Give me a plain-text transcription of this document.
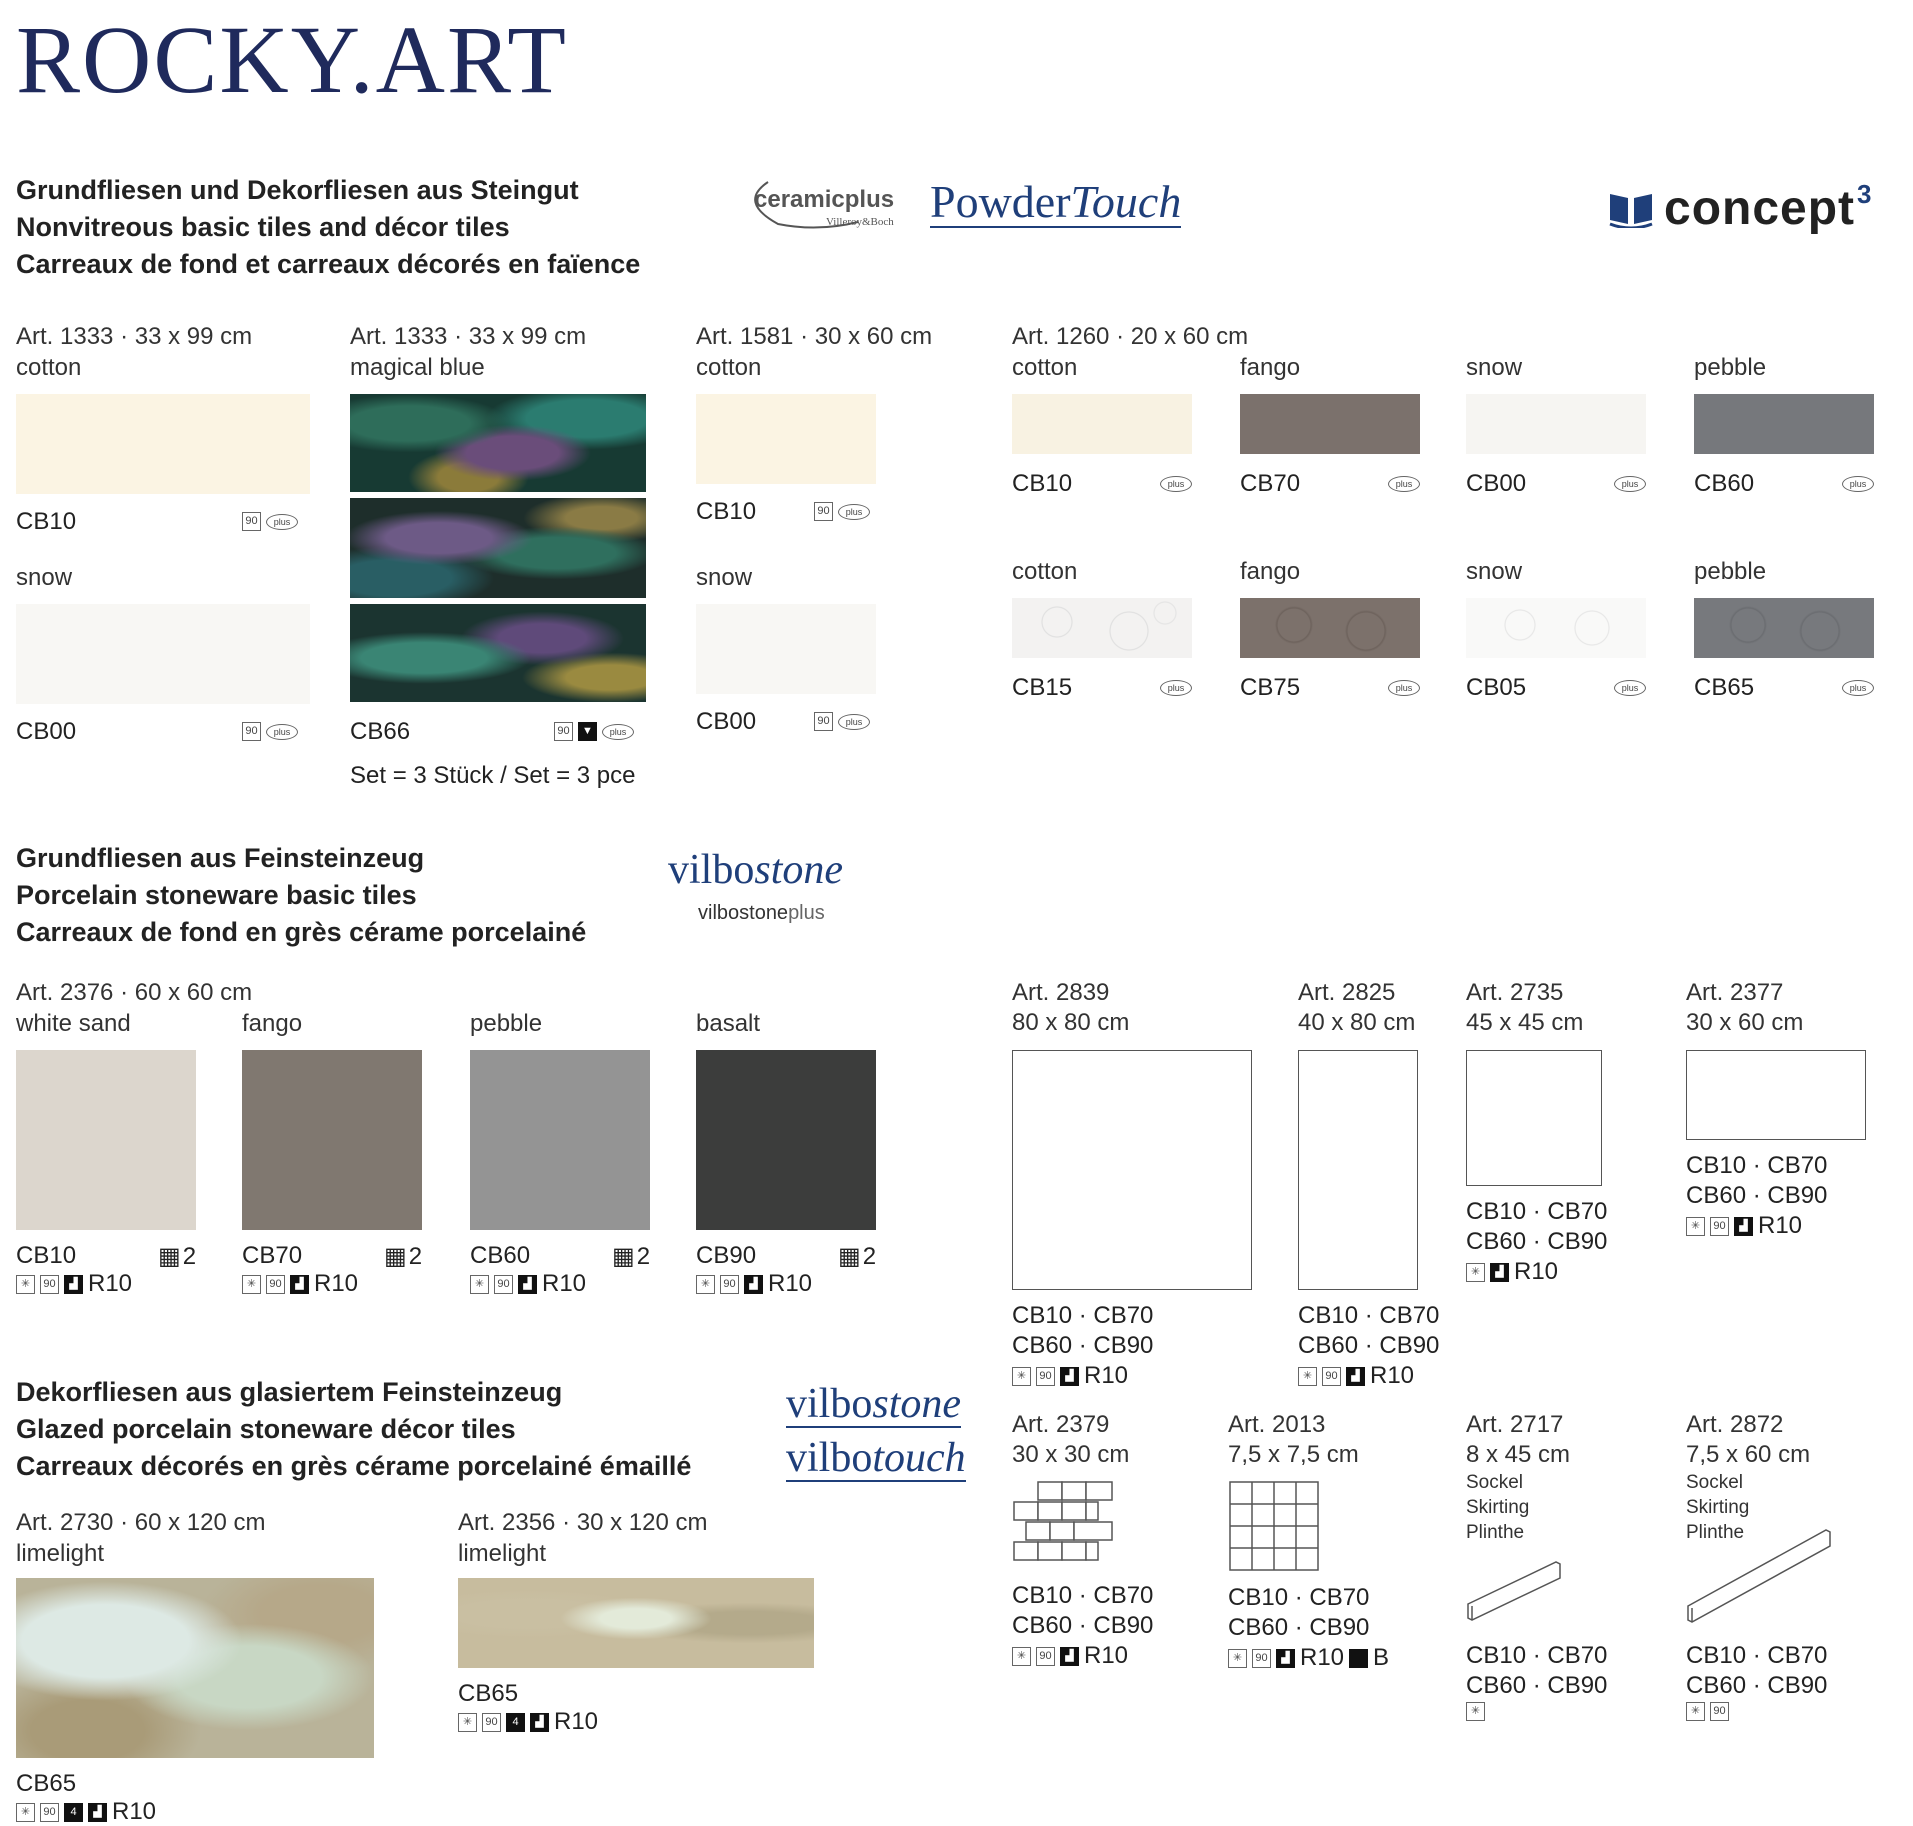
ROCKY.ART
Grundfliesen und Dekorfliesen aus Steingut
Nonvitreous basic tiles and décor tiles
Carreaux de fond et carreaux décorés en faïence
ceramicplus
Villeroy&Boch PowderTouch	concept$^3$
Art. 1333 · 33 x 99 cm
cotton
CB10	90	plus
snow
CB00	90	plus
Art. 1333 · 33 x 99 cm
magical blue
CB66	90	▼	plus
Set = 3 Stück / Set = 3 pce
Art. 1581 · 30 x 60 cm
cotton
CB10	90	plus
snow
CB00	90	plus
Art. 1260 · 20 x 60 cm
cotton	fango	snow	pebble
CB10	CB70	CB00	CB60
plus	plus	plus	plus
cotton	fango	snow	pebble
CB15	CB75	CB05	CB65
plus	plus	plus	plus
Grundfliesen aus Feinsteinzeug
Porcelain stoneware basic tiles
Carreaux de fond en grès cérame porcelainé
vilbostone
vilbostoneplus
Art. 2376 · 60 x 60 cm
white sand	fango	pebble	basalt
CB10	CB70	CB60	CB90
▦ 2	▦ 2	▦ 2	▦ 2
✳	90	▟ R10	✳	90	▟ R10	✳	90	▟ R10	✳	90	▟ R10
Art. 2839
80 x 80 cm
CB10 · CB70
CB60 · CB90
✳	90	▟ R10
Art. 2825
40 x 80 cm
CB10 · CB70
CB60 · CB90
✳	90	▟ R10
Art. 2735
45 x 45 cm
CB10 · CB70
CB60 · CB90
✳	▟ R10
Art. 2377
30 x 60 cm
CB10 · CB70
CB60 · CB90
✳	90	▟ R10
Art. 2379
30 x 30 cm
CB10 · CB70
CB60 · CB90
✳	90	▟ R10
Art. 2013
7,5 x 7,5 cm
CB10 · CB70
CB60 · CB90
✳	90	▟ R10 B
Art. 2717
8 x 45 cm
Sockel
Skirting
Plinthe
CB10 · CB70
CB60 · CB90
✳
Art. 2872
7,5 x 60 cm
Sockel
Skirting
Plinthe
CB10 · CB70
CB60 · CB90
✳	90
Dekorfliesen aus glasiertem Feinsteinzeug
Glazed porcelain stoneware décor tiles
Carreaux décorés en grès cérame porcelainé émaillé
vilbostone
vilbotouch
Art. 2730 · 60 x 120 cm
limelight
CB65
✳	90	4	▟ R10
Art. 2356 · 30 x 120 cm
limelight
CB65
✳	90	4	▟ R10
